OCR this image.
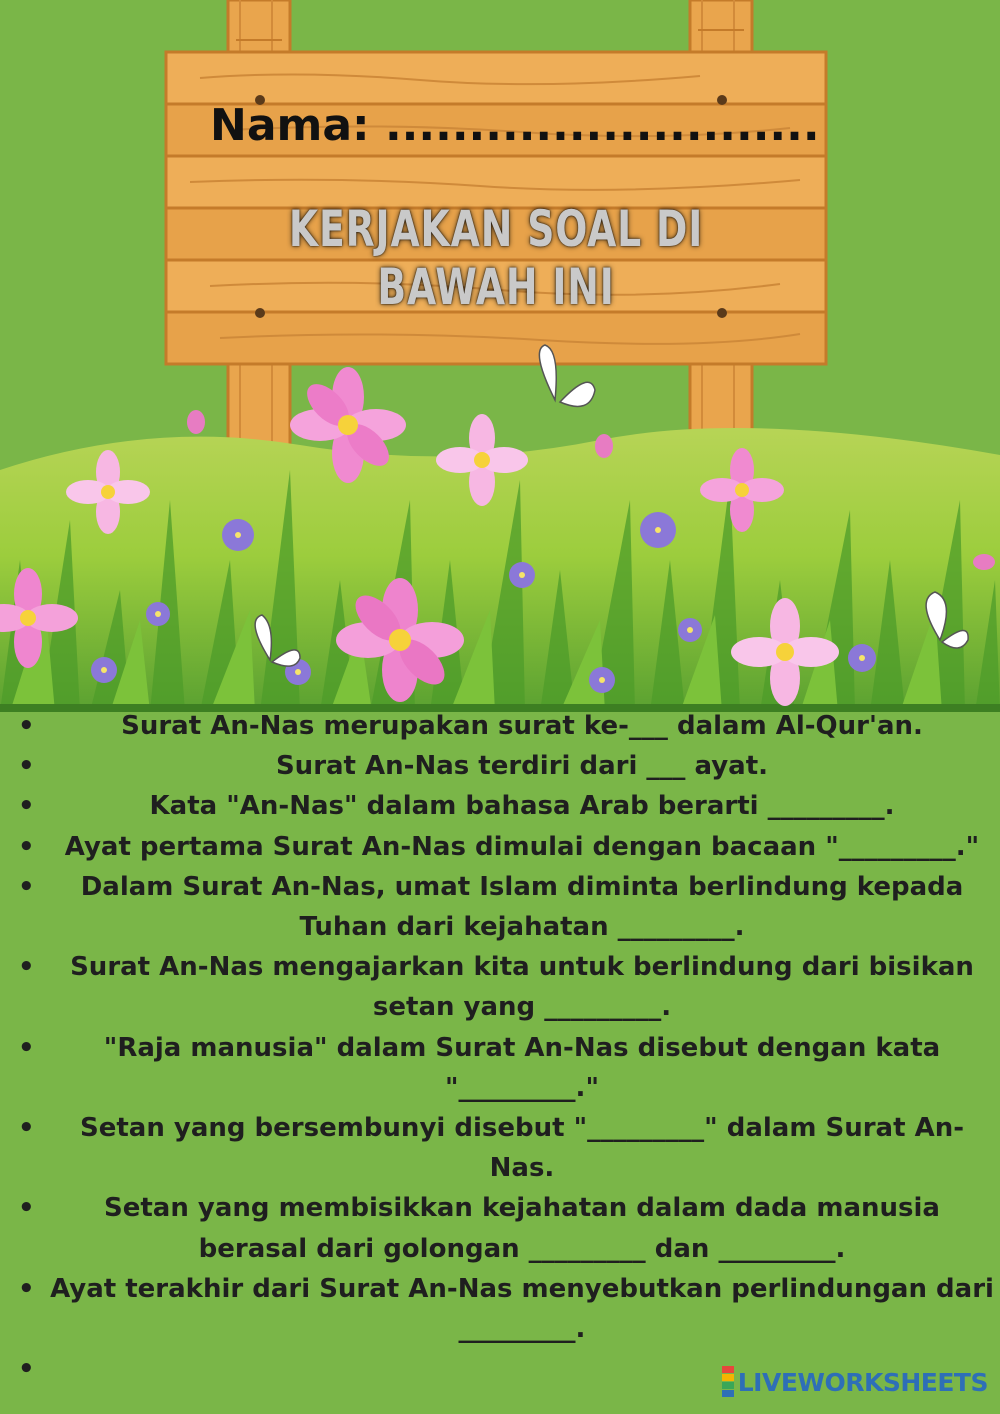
Nama: ..........................
KERJAKAN SOAL DI BAWAH INI
•	Surat An-Nas merupakan surat ke-___ dalam Al-Qur'an.
•	Surat An-Nas terdiri dari ___ ayat.
•	Kata "An-Nas" dalam bahasa Arab berarti _________.
• Ayat pertama Surat An-Nas dimulai dengan bacaan "_________."
• Dalam Surat An-Nas, umat Islam diminta berlindung kepada Tuhan dari kejahatan _________.
• Surat An-Nas mengajarkan kita untuk berlindung dari bisikan setan yang _________.
•	"Raja manusia" dalam Surat An-Nas disebut dengan kata "_________."
• Setan yang bersembunyi disebut "_________" dalam Surat An-Nas.
•	Setan yang membisikkan kejahatan dalam dada manusia berasal dari golongan _________ dan _________.
• Ayat terakhir dari Surat An-Nas menyebutkan perlindungan dari _________.
•
	LIVEWORKSHEETS
